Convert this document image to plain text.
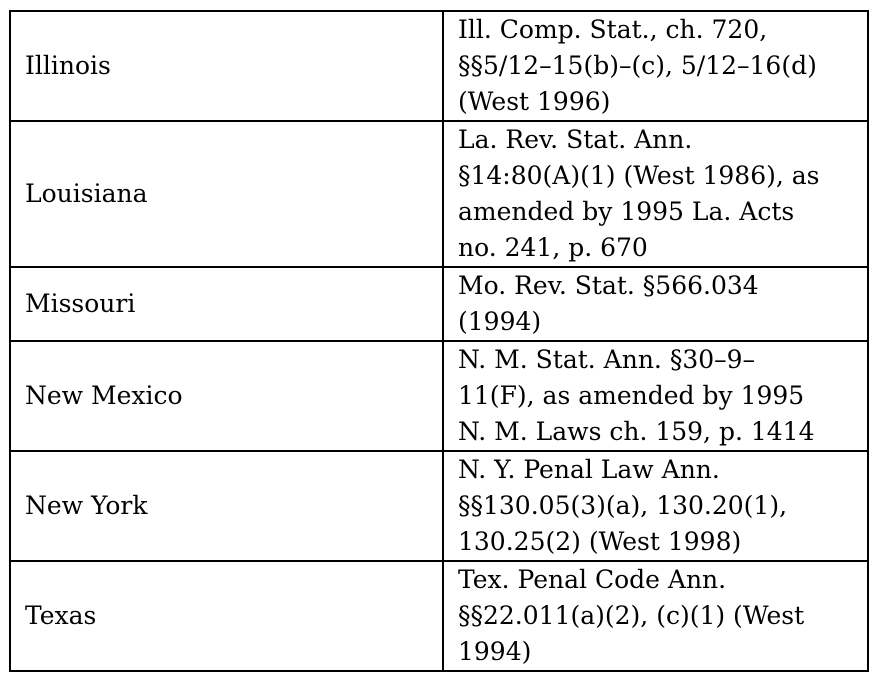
Illinois	Ill. Comp. Stat., ch. 720,
§§5/12–15(b)–(c), 5/12–16(d)
(West 1996)

Louisiana	La. Rev. Stat. Ann.
§14:80(A)(1) (West 1986), as
amended by 1995 La. Acts
no. 241, p. 670

Missouri	Mo. Rev. Stat. §566.034
(1994)

New Mexico	N. M. Stat. Ann. §30–9–
11(F), as amended by 1995
N. M. Laws ch. 159, p. 1414

New York	N. Y. Penal Law Ann.
§§130.05(3)(a), 130.20(1),
130.25(2) (West 1998)

Texas	Tex. Penal Code Ann.
§§22.011(a)(2), (c)(1) (West
1994)
